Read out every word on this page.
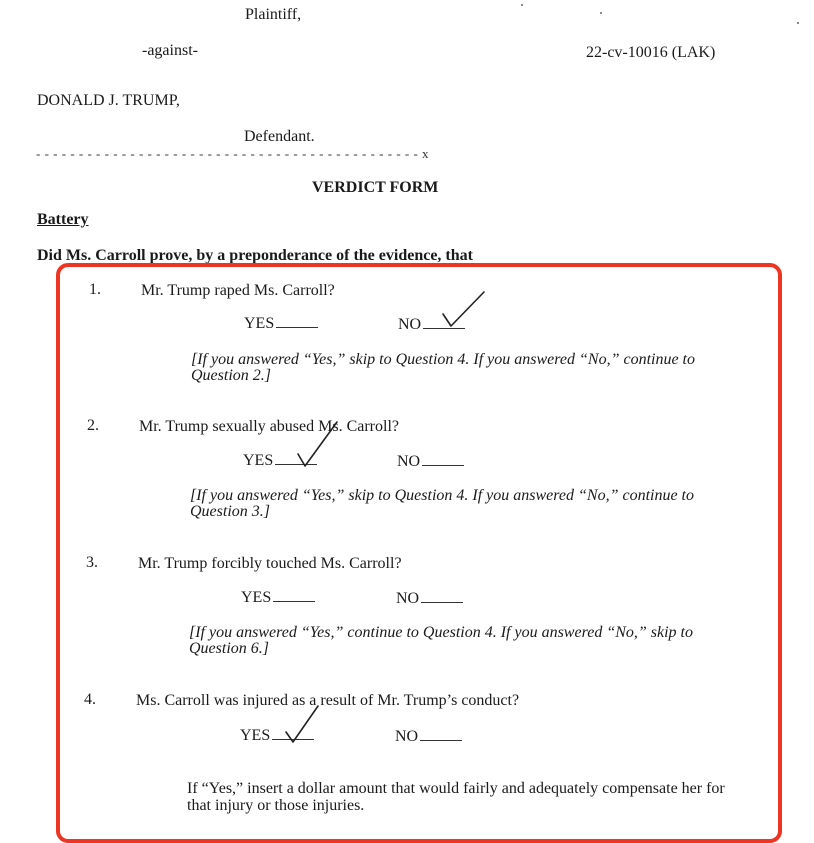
Plaintiff,
-against-	22-cv-10016 (LAK)
DONALD J. TRUMP,
Defendant.
- - - - - - - - - - - - - - - - - - - - - - - - - - - - - - - - - - - - - - - - - - - - - x
VERDICT FORM
Battery
Did Ms. Carroll prove, by a preponderance of the evidence, that
1.	Mr. Trump raped Ms. Carroll?
YES	NO
[If you answered “Yes,” skip to Question 4. If you answered “No,” continue to Question 2.]
2.	Mr. Trump sexually abused Ms. Carroll?
YES	NO
[If you answered “Yes,” skip to Question 4. If you answered “No,” continue to Question 3.]
3.	Mr. Trump forcibly touched Ms. Carroll?
YES	NO
[If you answered “Yes,” continue to Question 4. If you answered “No,” skip to Question 6.]
4.	Ms. Carroll was injured as a result of Mr. Trump’s conduct?
YES	NO
If “Yes,” insert a dollar amount that would fairly and adequately compensate her for that injury or those injuries.
